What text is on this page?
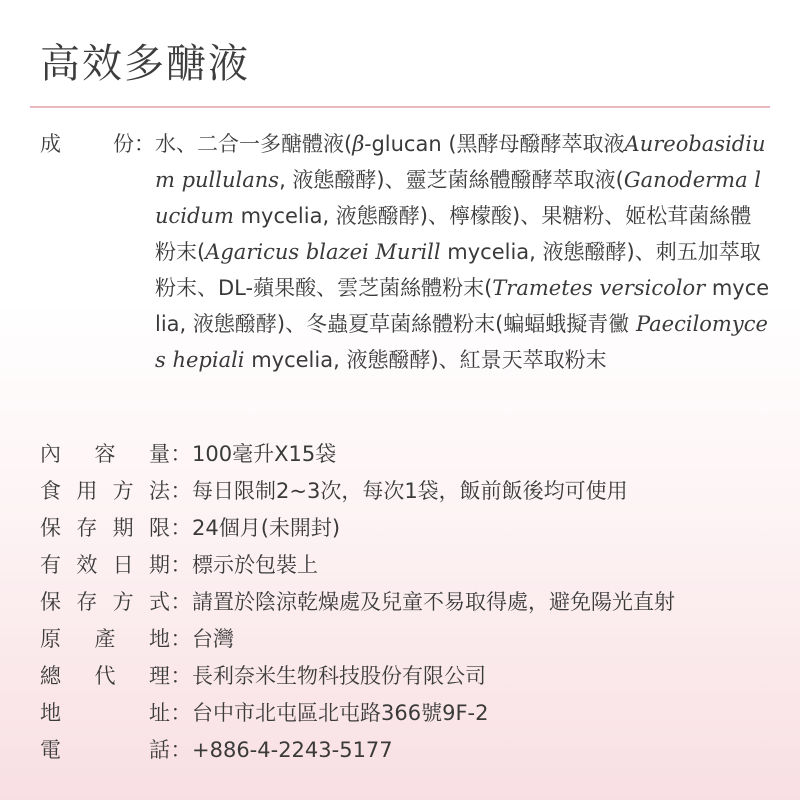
高效多醣液
成 份： 水、二合一多醣體液(β-glucan (黑酵母醱酵萃取液Aureobasidium pullulans, 液態醱酵)、靈芝菌絲體醱酵萃取液(Ganoderma lucidum mycelia, 液態醱酵)、檸檬酸)、果糖粉、姬松茸菌絲體粉末(Agaricus blazei Murill mycelia, 液態醱酵)、刺五加萃取粉末、DL-蘋果酸、雲芝菌絲體粉末(Trametes versicolor mycelia, 液態醱酵)、冬蟲夏草菌絲體粉末(蝙蝠蛾擬青黴 Paecilomyces hepiali mycelia, 液態醱酵)、紅景天萃取粉末
內 容 量 ： 100毫升X15袋
食 用 方 法 ： 每日限制2~3次，每次1袋，飯前飯後均可使用
保 存 期 限 ： 24個月(未開封)
有 效 日 期 ： 標示於包裝上
保 存 方 式 ： 請置於陰涼乾燥處及兒童不易取得處，避免陽光直射
原 產 地 ： 台灣
總 代 理 ： 長利奈米生物科技股份有限公司
地	址 ： 台中市北屯區北屯路366號9F-2
電	話 ： +886-4-2243-5177
